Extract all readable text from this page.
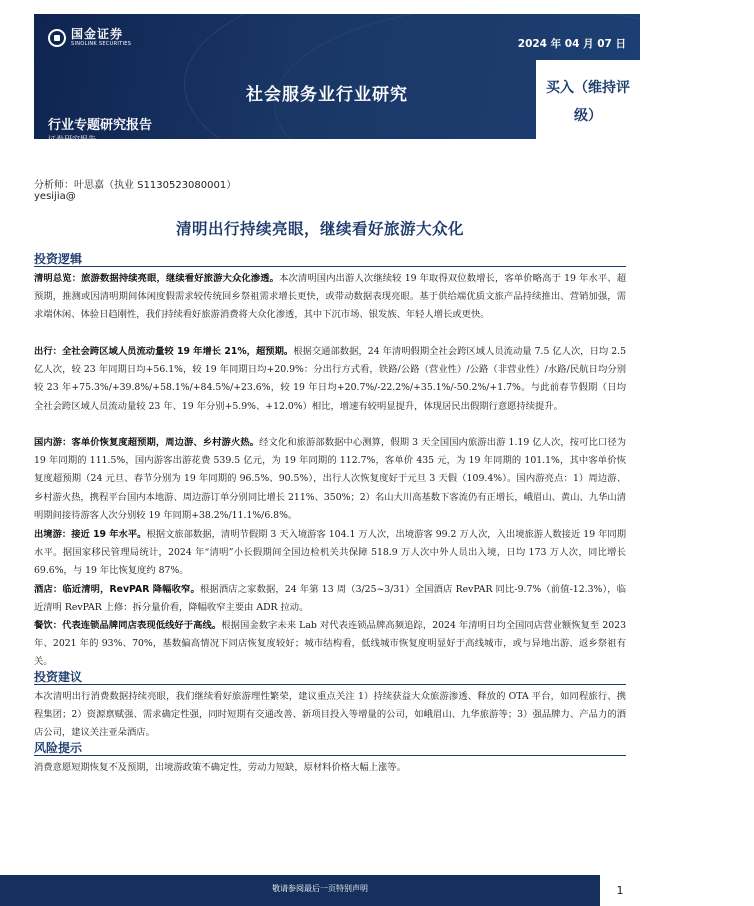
国金证券
SINOLINK SECURITIES	2024 年 04 月 07 日
社会服务业行业研究
行业专题研究报告
证券研究报告
买入（维持评
级）
分析师：叶思嘉（执业 S1130523080001）
yesijia@
清明出行持续亮眼，继续看好旅游大众化
投资逻辑
清明总览：旅游数据持续亮眼，继续看好旅游大众化渗透。本次清明国内出游人次继续较 19 年取得双位数增长，客单价略高于 19 年水平、超预期，推测或因清明期间体闲度假需求较传统回乡祭祖需求增长更快，或带动数据表现亮眼。基于供给端优质文旅产品持续推出、营销加强，需求端休闲、体验日趋刚性，我们持续看好旅游消费将大众化渗透，其中下沉市场、银发族、年轻人增长或更快。
出行：全社会跨区域人员流动量较 19 年增长 21%，超预期。根据交通部数据，24 年清明假期全社会跨区域人员流动量 7.5 亿人次，日均 2.5 亿人次，较 23 年同期日均+56.1%，较 19 年同期日均+20.9%：分出行方式看，铁路/公路（营业性）/公路（非营业性）/水路/民航日均分别较 23 年+75.3%/+39.8%/+58.1%/+84.5%/+23.6%，较 19 年日均+20.7%/-22.2%/+35.1%/-50.2%/+1.7%。与此前春节假期（日均全社会跨区域人员流动量较 23 年、19 年分别+5.9%、+12.0%）相比，增速有较明显提升，体现居民出假期行意愿持续提升。
国内游：客单价恢复度超预期，周边游、乡村游火热。经文化和旅游部数据中心测算，假期 3 天全国国内旅游出游 1.19 亿人次，按可比口径为 19 年同期的 111.5%，国内游客出游花费 539.5 亿元，为 19 年同期的 112.7%，客单价 435 元，为 19 年同期的 101.1%，其中客单价恢复度超预期（24 元旦、春节分别为 19 年同期的 96.5%、90.5%），出行人次恢复度好于元旦 3 天假（109.4%）。国内游亮点：1）周边游、乡村游火热，携程平台国内本地游、周边游订单分别同比增长 211%、350%；2）名山大川高基数下客流仍有正增长，峨眉山、黄山、九华山清明期间接待游客人次分别较 19 年同期+38.2%/11.1%/6.8%。
出境游：接近 19 年水平。根据文旅部数据，清明节假期 3 天入境游客 104.1 万人次，出境游客 99.2 万人次，入出境旅游人数接近 19 年同期水平。据国家移民管理局统计，2024 年“清明”小长假期间全国边检机关共保障 518.9 万人次中外人员出入境，日均 173 万人次，同比增长 69.6%，与 19 年比恢复度约 87%。
酒店：临近清明，RevPAR 降幅收窄。根据酒店之家数据，24 年第 13 周（3/25~3/31）全国酒店 RevPAR 同比-9.7%（前值-12.3%），临近清明 RevPAR 上修：拆分量价看，降幅收窄主要由 ADR 拉动。
餐饮：代表连锁品牌同店表现低线好于高线。根据国金数字未来 Lab 对代表连锁品牌高频追踪，2024 年清明日均全国同店营业额恢复至 2023 年、2021 年的 93%、70%，基数偏高情况下同店恢复度较好；城市结构看，低线城市恢复度明显好于高线城市，或与异地出游、返乡祭祖有关。
投资建议
本次清明出行消费数据持续亮眼，我们继续看好旅游理性繁荣，建议重点关注 1）持续获益大众旅游渗透、释放的 OTA 平台，如同程旅行、携程集团；2）资源禀赋强、需求确定性强，同时短期有交通改善、新项目投入等增量的公司，如峨眉山、九华旅游等；3）强品牌力、产品力的酒店公司，建议关注亚朵酒店。
风险提示
消费意愿短期恢复不及预期，出境游政策不确定性，劳动力短缺，原材料价格大幅上涨等。
敬请参阅最后一页特别声明	1
